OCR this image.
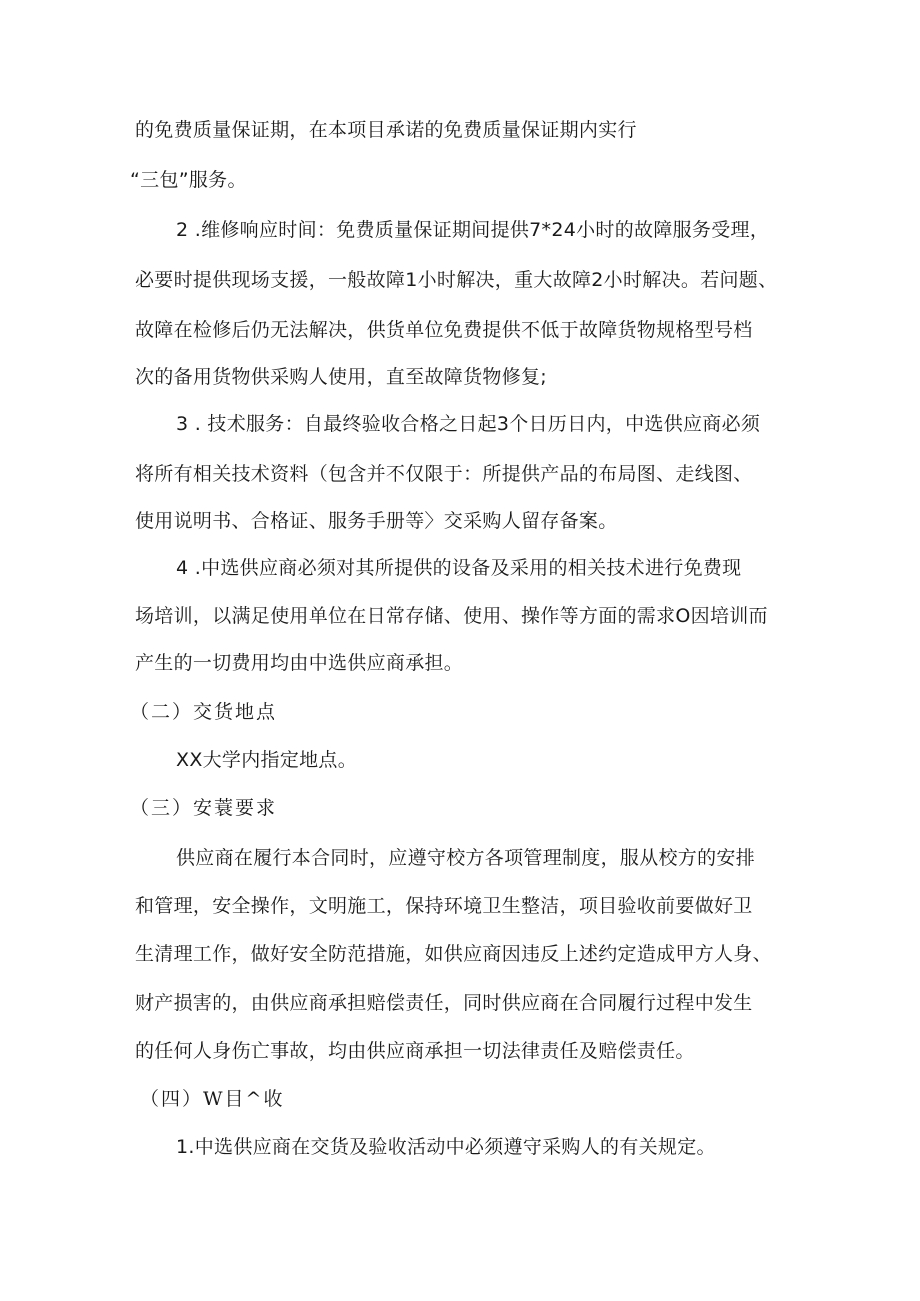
的免费质量保证期，在本项目承诺的免费质量保证期内实行
“三包”服务。
2 .维修响应时间：免费质量保证期间提供7*24小时的故障服务受理，
必要时提供现场支援，一般故障1小时解决，重大故障2小时解决。若问题、
故障在检修后仍无法解决，供货单位免费提供不低于故障货物规格型号档
次的备用货物供采购人使用，直至故障货物修复;
3 . 技术服务：自最终验收合格之日起3个日历日内，中选供应商必须
将所有相关技术资料（包含并不仅限于：所提供产品的布局图、走线图、
使用说明书、合格证、服务手册等〉交采购人留存备案。
4 .中选供应商必须对其所提供的设备及采用的相关技术进行免费现
场培训，以满足使用单位在日常存储、使用、操作等方面的需求O因培训而
产生的一切费用均由中选供应商承担。
（二）交货地点
XX大学内指定地点。
（三）安蓑要求
供应商在履行本合同时，应遵守校方各项管理制度，服从校方的安排
和管理，安全操作，文明施工，保持环境卫生整洁，项目验收前要做好卫
生清理工作，做好安全防范措施，如供应商因违反上述约定造成甲方人身、
财产损害的，由供应商承担赔偿责任，同时供应商在合同履行过程中发生
的任何人身伤亡事故，均由供应商承担一切法律责任及赔偿责任。
（四）W目^收
1.中选供应商在交货及验收活动中必须遵守采购人的有关规定。
